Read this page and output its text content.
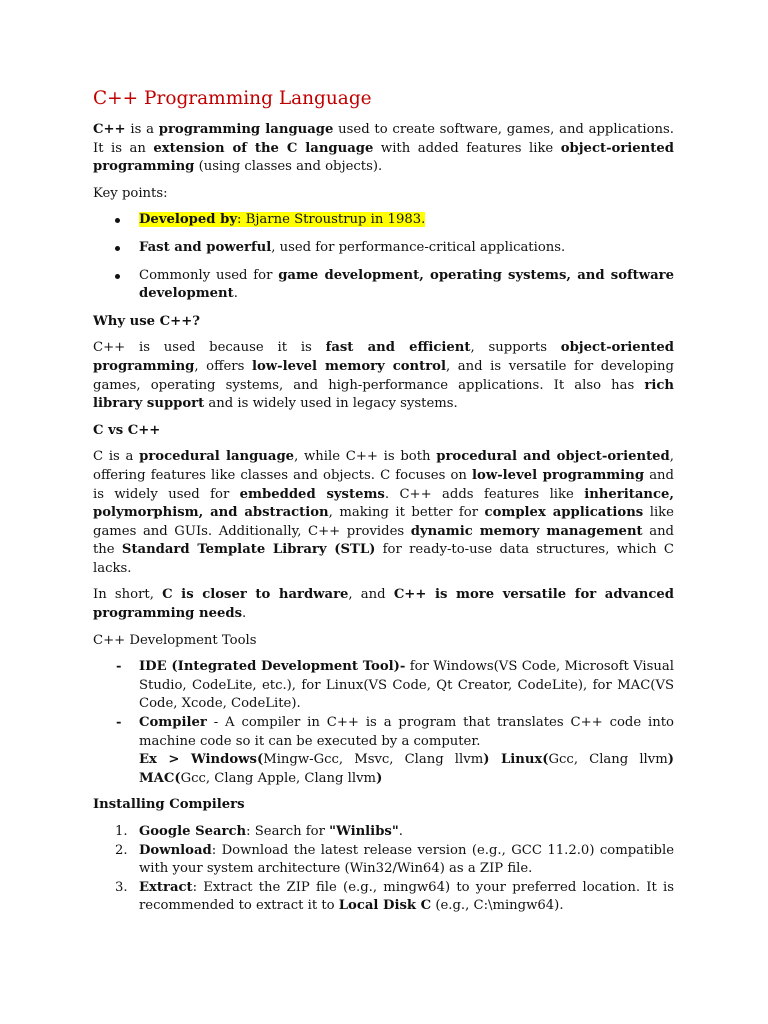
C++ Programming Language

C++ is a programming language used to create software, games, and applications. It is an extension of the C language with added features like object-oriented programming (using classes and objects).

Key points:

Developed by: Bjarne Stroustrup in 1983.
Fast and powerful, used for performance-critical applications.
Commonly used for game development, operating systems, and software development.
Why use C++?

C++ is used because it is fast and efficient, supports object-oriented programming, offers low-level memory control, and is versatile for developing games, operating systems, and high-performance applications. It also has rich library support and is widely used in legacy systems.

C vs C++

C is a procedural language, while C++ is both procedural and object-oriented, offering features like classes and objects. C focuses on low-level programming and is widely used for embedded systems. C++ adds features like inheritance, polymorphism, and abstraction, making it better for complex applications like games and GUIs. Additionally, C++ provides dynamic memory management and the Standard Template Library (STL) for ready-to-use data structures, which C lacks.

In short, C is closer to hardware, and C++ is more versatile for advanced programming needs.

C++ Development Tools
- IDE (Integrated Development Tool)- for Windows(VS Code, Microsoft Visual Studio, CodeLite, etc.), for Linux(VS Code, Qt Creator, CodeLite), for MAC(VS Code, Xcode, CodeLite).
- Compiler - A compiler in C++ is a program that translates C++ code into machine code so it can be executed by a computer.
Ex > Windows(Mingw-Gcc, Msvc, Clang llvm) Linux(Gcc, Clang llvm) MAC(Gcc, Clang Apple, Clang llvm)
Installing Compilers
1. Google Search: Search for "Winlibs".
2. Download: Download the latest release version (e.g., GCC 11.2.0) compatible with your system architecture (Win32/Win64) as a ZIP file.
3. Extract: Extract the ZIP file (e.g., mingw64) to your preferred location. It is recommended to extract it to Local Disk C (e.g., C:\mingw64).
